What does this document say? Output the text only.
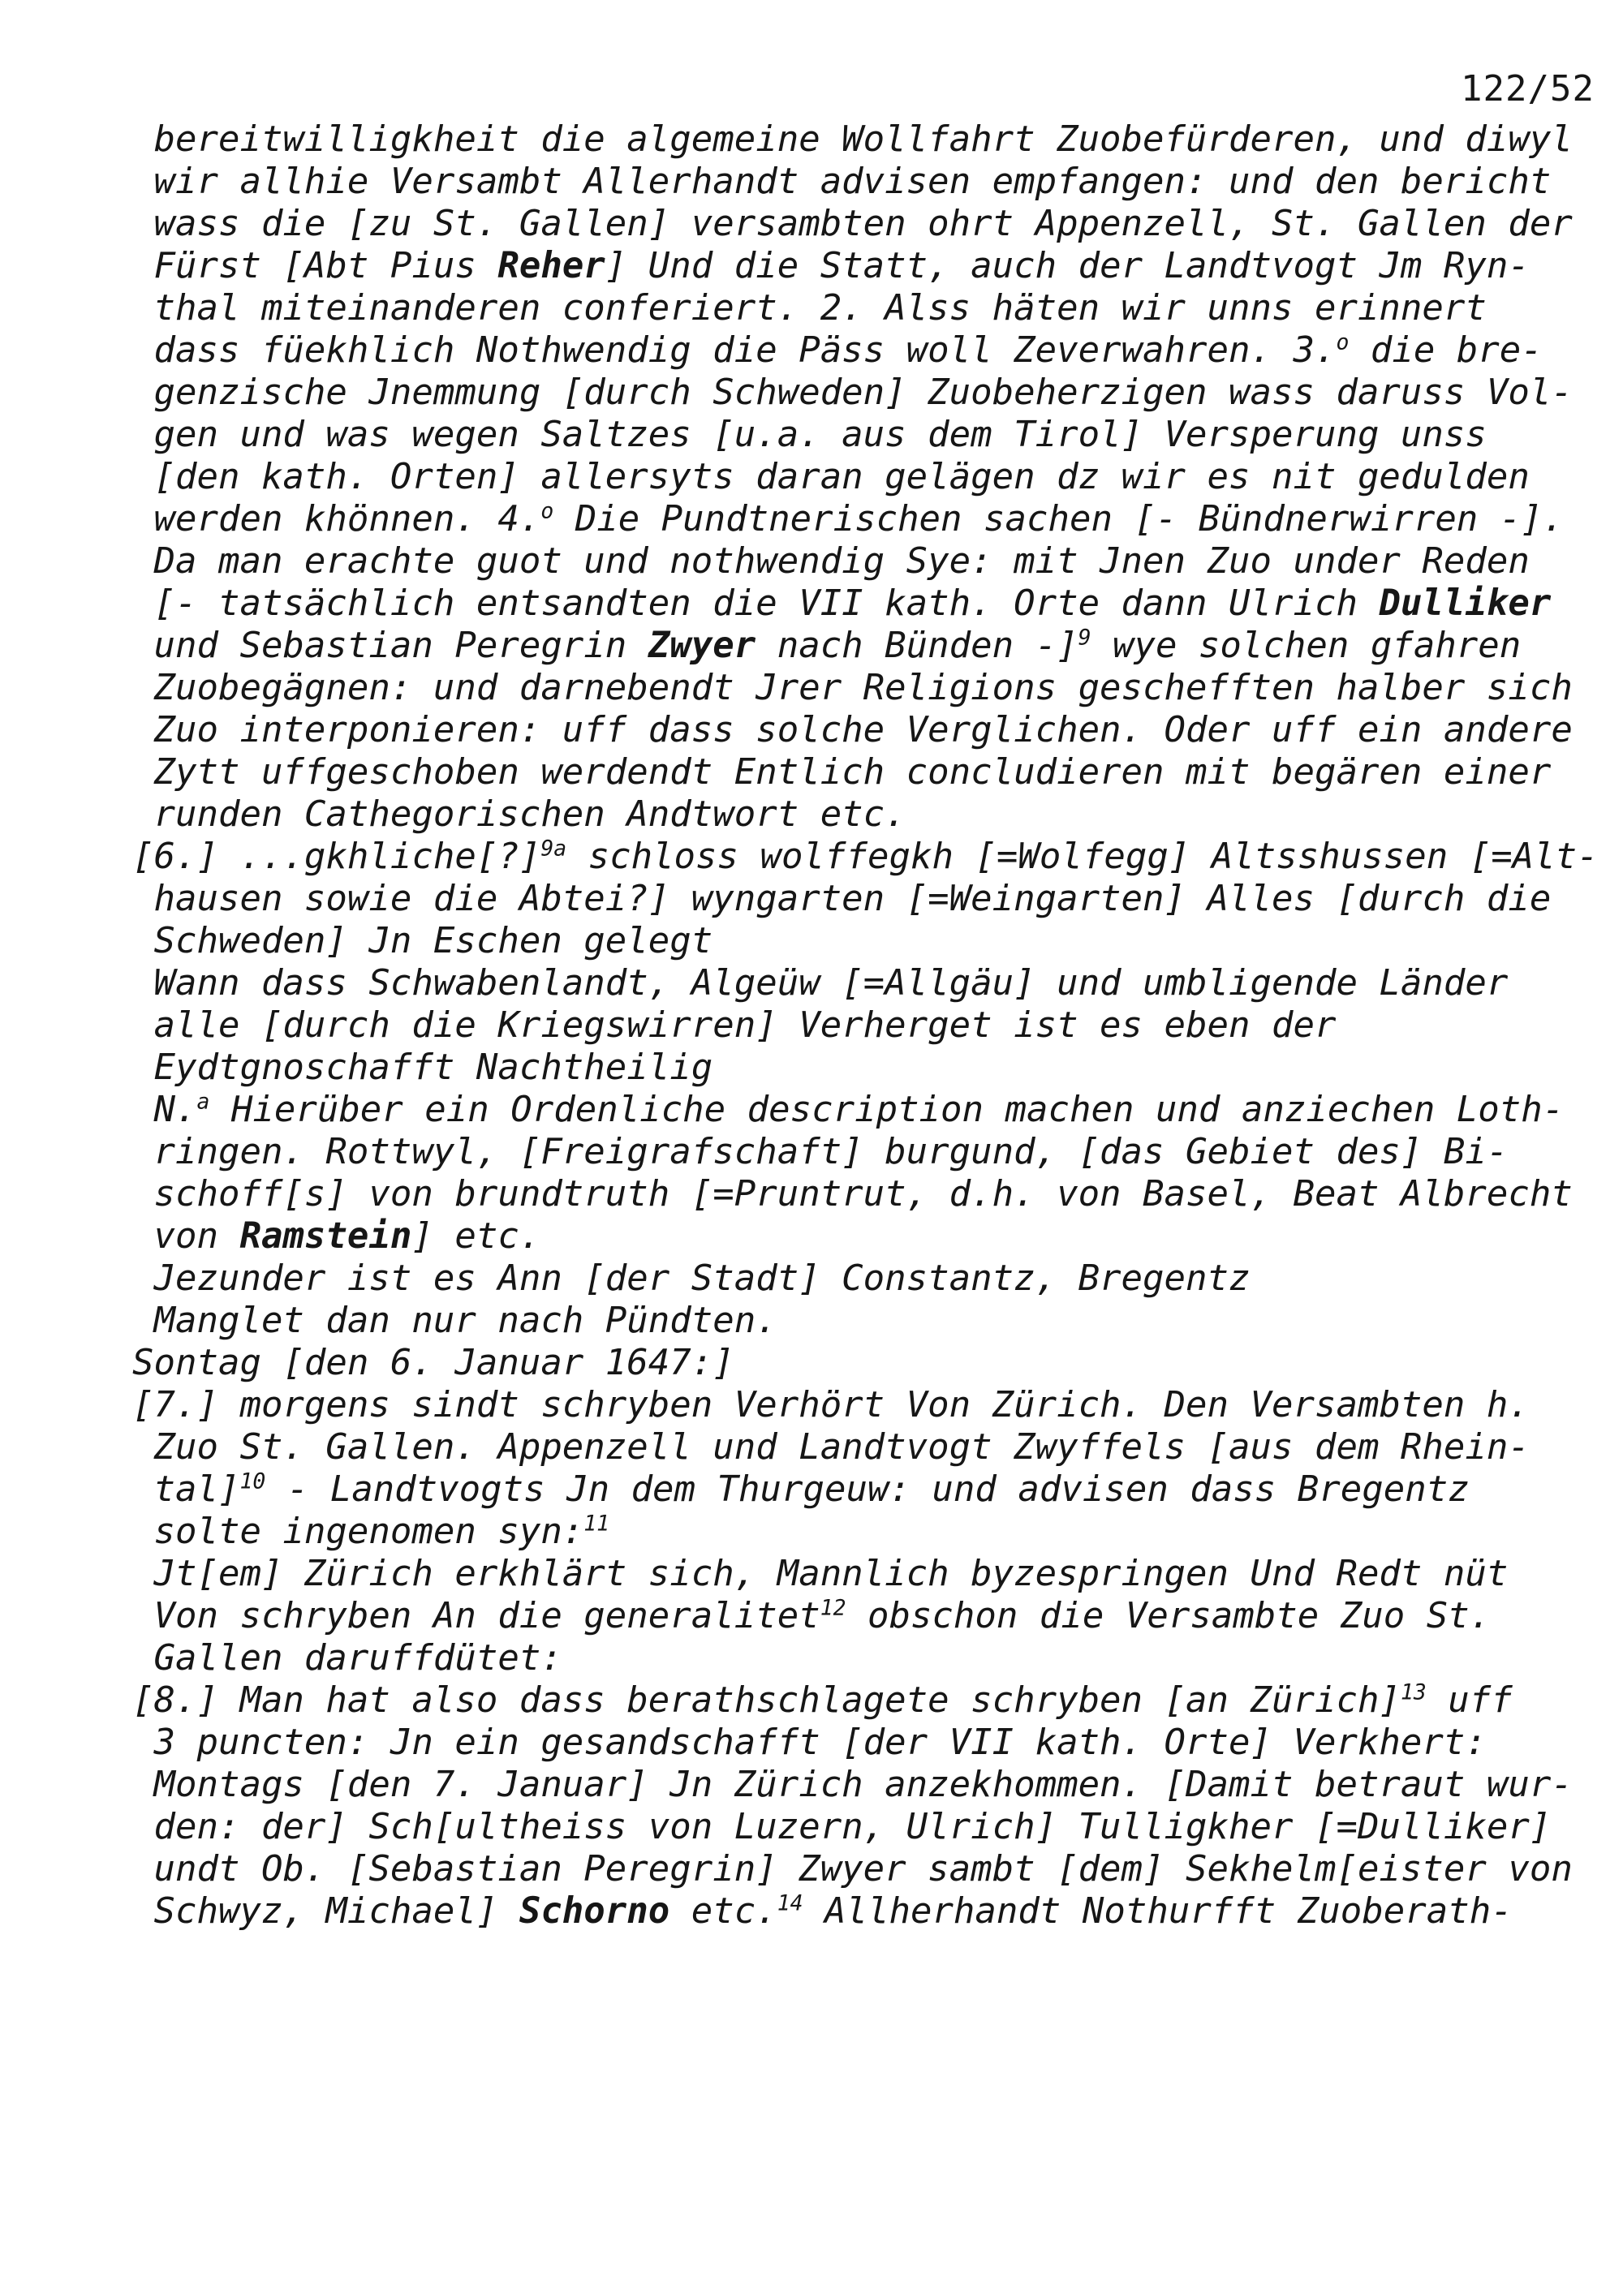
122/52
bereitwilligkheit die algemeine Wollfahrt Zuobefürderen, und diwyl
wir allhie Versambt Allerhandt advisen empfangen: und den bericht
wass die [zu St. Gallen] versambten ohrt Appenzell, St. Gallen der
Fürst [Abt Pius Reher] Und die Statt, auch der Landtvogt Jm Ryn-
thal miteinanderen conferiert. 2. Alss häten wir unns erinnert
dass füekhlich Nothwendig die Päss woll Zeverwahren. 3.$^o$ die bre-
genzische Jnemmung [durch Schweden] Zuobeherzigen wass daruss Vol-
gen und was wegen Saltzes [u.a. aus dem Tirol] Versperung unss
[den kath. Orten] allersyts daran gelägen dz wir es nit gedulden
werden khönnen. 4.$^o$ Die Pundtnerischen sachen [- Bündnerwirren -].
Da man erachte guot und nothwendig Sye: mit Jnen Zuo under Reden
[- tatsächlich entsandten die VII kath. Orte dann Ulrich Dulliker
und Sebastian Peregrin Zwyer nach Bünden -]$^9$ wye solchen gfahren
Zuobegägnen: und darnebendt Jrer Religions geschefften halber sich
Zuo interponieren: uff dass solche Verglichen. Oder uff ein andere
Zytt uffgeschoben werdendt Entlich concludieren mit begären einer
runden Cathegorischen Andtwort etc.
[6.] ...gkhliche[?]$^{9a}$ schloss wolffegkh [=Wolfegg] Altsshussen [=Alt-
hausen sowie die Abtei?] wyngarten [=Weingarten] Alles [durch die
Schweden] Jn Eschen gelegt
Wann dass Schwabenlandt, Algeüw [=Allgäu] und umbligende Länder
alle [durch die Kriegswirren] Verherget ist es eben der
Eydtgnoschafft Nachtheilig
N.$^a$ Hierüber ein Ordenliche description machen und anziechen Loth-
ringen. Rottwyl, [Freigrafschaft] burgund, [das Gebiet des] Bi-
schoff[s] von brundtruth [=Pruntrut, d.h. von Basel, Beat Albrecht
von Ramstein] etc.
Jezunder ist es Ann [der Stadt] Constantz, Bregentz
Manglet dan nur nach Pündten.
Sontag [den 6. Januar 1647:]
[7.] morgens sindt schryben Verhört Von Zürich. Den Versambten h.
Zuo St. Gallen. Appenzell und Landtvogt Zwyffels [aus dem Rhein-
tal]$^{10}$ - Landtvogts Jn dem Thurgeuw: und advisen dass Bregentz
solte ingenomen syn:$^{11}$
Jt[em] Zürich erkhlärt sich, Mannlich byzespringen Und Redt nüt
Von schryben An die generalitet$^{12}$ obschon die Versambte Zuo St.
Gallen daruffdütet:
[8.] Man hat also dass berathschlagete schryben [an Zürich]$^{13}$ uff
3 puncten: Jn ein gesandschafft [der VII kath. Orte] Verkhert:
Montags [den 7. Januar] Jn Zürich anzekhommen. [Damit betraut wur-
den: der] Sch[ultheiss von Luzern, Ulrich] Tulligkher [=Dulliker]
undt Ob. [Sebastian Peregrin] Zwyer sambt [dem] Sekhelm[eister von
Schwyz, Michael] Schorno etc.$^{14}$ Allherhandt Nothurfft Zuoberath-
